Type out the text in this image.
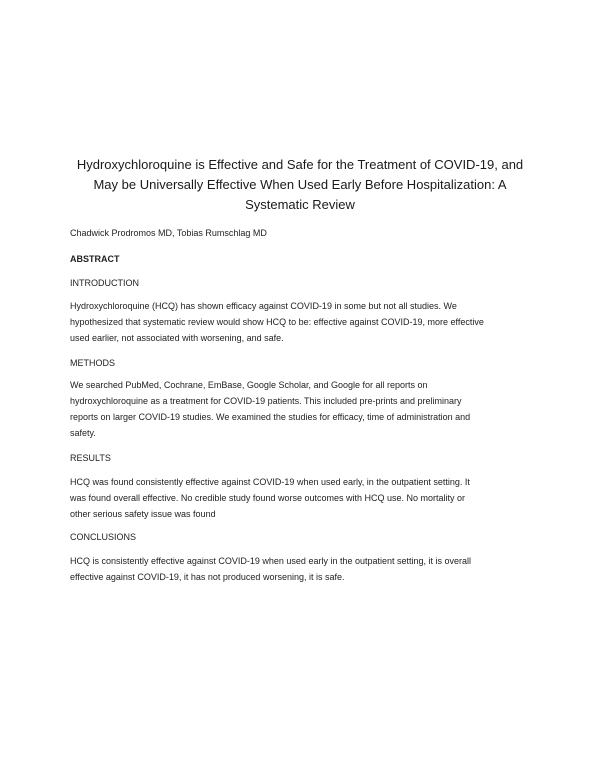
Hydroxychloroquine is Effective and Safe for the Treatment of COVID-19, and
May be Universally Effective When Used Early Before Hospitalization: A
Systematic Review
Chadwick Prodromos MD, Tobias Rumschlag MD
ABSTRACT
INTRODUCTION
Hydroxychloroquine (HCQ) has shown efficacy against COVID-19 in some but not all studies. We
hypothesized that systematic review would show HCQ to be: effective against COVID-19, more effective
used earlier, not associated with worsening, and safe.
METHODS
We searched PubMed, Cochrane, EmBase, Google Scholar, and Google for all reports on
hydroxychloroquine as a treatment for COVID-19 patients. This included pre-prints and preliminary
reports on larger COVID-19 studies. We examined the studies for efficacy, time of administration and
safety.
RESULTS
HCQ was found consistently effective against COVID-19 when used early, in the outpatient setting. It
was found overall effective. No credible study found worse outcomes with HCQ use. No mortality or
other serious safety issue was found
CONCLUSIONS
HCQ is consistently effective against COVID-19 when used early in the outpatient setting, it is overall
effective against COVID-19, it has not produced worsening, it is safe.
